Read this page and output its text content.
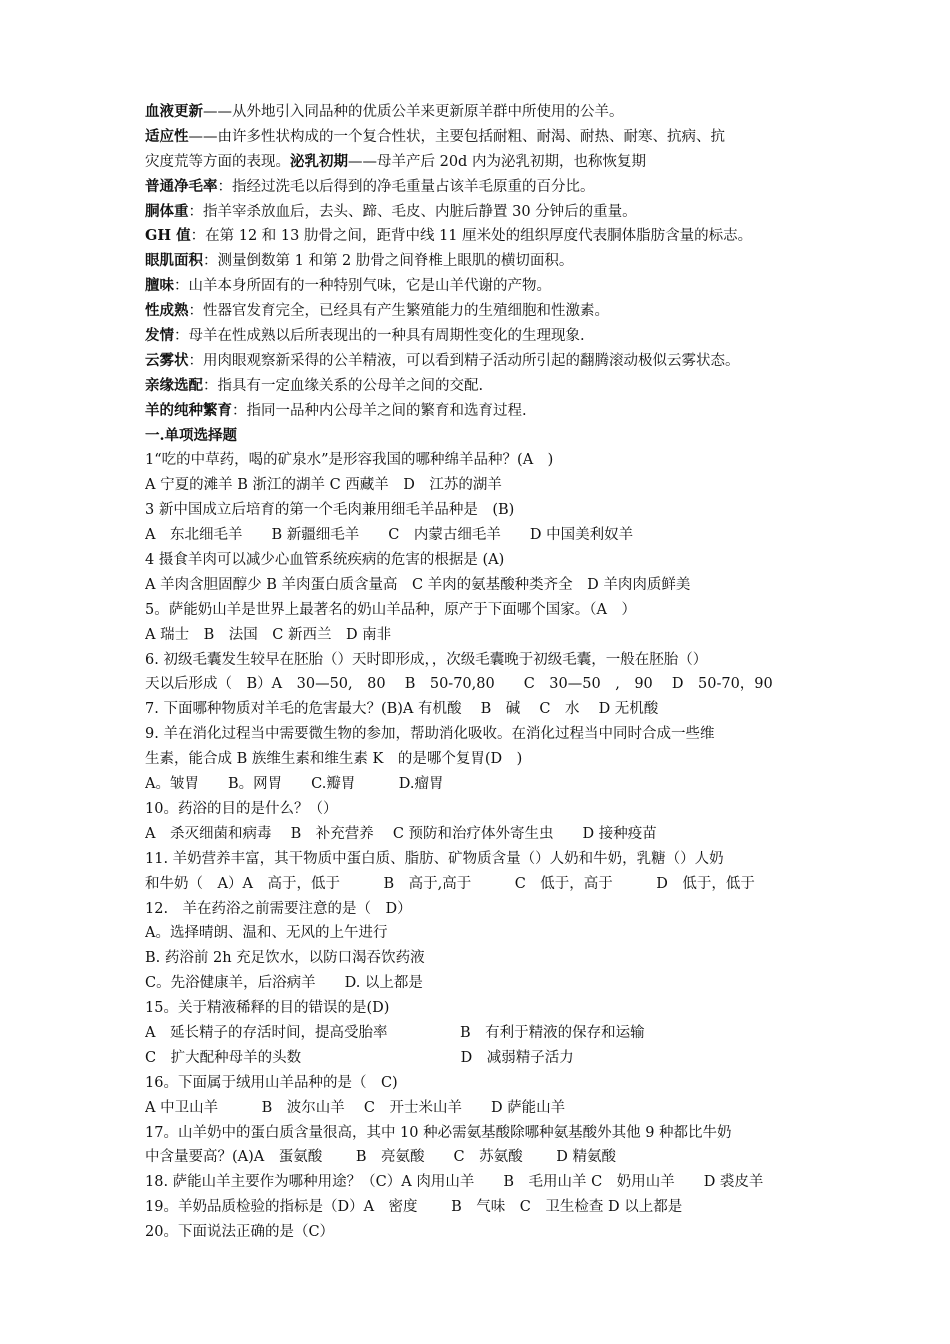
血液更新——从外地引入同品种的优质公羊来更新原羊群中所使用的公羊。
适应性——由许多性状构成的一个复合性状，主要包括耐粗、耐渴、耐热、耐寒、抗病、抗
灾度荒等方面的表现。泌乳初期——母羊产后 20d 内为泌乳初期，也称恢复期
普通净毛率：指经过洗毛以后得到的净毛重量占该羊毛原重的百分比。
胴体重：指羊宰杀放血后，去头、蹄、毛皮、内脏后静置 30 分钟后的重量。
GH 值：在第 12 和 13 肋骨之间，距背中线 11 厘米处的组织厚度代表胴体脂肪含量的标志。
眼肌面积：测量倒数第 1 和第 2 肋骨之间脊椎上眼肌的横切面积。
膻味：山羊本身所固有的一种特别气味，它是山羊代谢的产物。
性成熟：性器官发育完全，已经具有产生繁殖能力的生殖细胞和性激素。
发情：母羊在性成熟以后所表现出的一种具有周期性变化的生理现象.
云雾状：用肉眼观察新采得的公羊精液，可以看到精子活动所引起的翻腾滚动极似云雾状态。
亲缘选配：指具有一定血缘关系的公母羊之间的交配.
羊的纯种繁育：指同一品种内公母羊之间的繁育和选育过程.
一.单项选择题
1“吃的中草药，喝的矿泉水”是形容我国的哪种绵羊品种？(A　)
A 宁夏的滩羊 B 浙江的湖羊 C 西藏羊　D　江苏的湖羊
3 新中国成立后培育的第一个毛肉兼用细毛羊品种是　(B)
A　东北细毛羊　　B 新疆细毛羊　　C　内蒙古细毛羊　　D 中国美利奴羊
4 摄食羊肉可以减少心血管系统疾病的危害的根据是 (A)
A 羊肉含胆固醇少 B 羊肉蛋白质含量高　C 羊肉的氨基酸种类齐全　D 羊肉肉质鲜美
5。萨能奶山羊是世界上最著名的奶山羊品种，原产于下面哪个国家。（A　）
A 瑞士　B　法国　C 新西兰　D 南非
6. 初级毛囊发生较早在胚胎（）天时即形成，，次级毛囊晚于初级毛囊，一般在胚胎（）
天以后形成（　B）A　30—50,　80　 B　50-70,80　　C　30—50　,　90　 D　50-70，90
7. 下面哪种物质对羊毛的危害最大？(B)A 有机酸　 B　碱　 C　水　 D 无机酸
9. 羊在消化过程当中需要微生物的参加，帮助消化吸收。在消化过程当中同时合成一些维
生素，能合成 B 族维生素和维生素 K　的是哪个复胃(D　)
A。皱胃　　B。网胃　　C.瓣胃　　　D.瘤胃
10。药浴的目的是什么？（）
A　杀灭细菌和病毒　 B　补充营养　 C 预防和治疗体外寄生虫　　D 接种疫苗
11. 羊奶营养丰富，其干物质中蛋白质、脂肪、矿物质含量（）人奶和牛奶，乳糖（）人奶
和牛奶（　A）A　高于，低于　　　B　高于,高于　　　C　低于，高于　　　D　低于，低于
12.　羊在药浴之前需要注意的是（　D）
A。选择晴朗、温和、无风的上午进行
B. 药浴前 2h 充足饮水，以防口渴吞饮药液
C。先浴健康羊，后浴病羊　　D. 以上都是
15。关于精液稀释的目的错误的是(D)
A　延长精子的存活时间，提高受胎率　　　　　B　有利于精液的保存和运输
C　扩大配种母羊的头数　　　　　　　　　　　D　减弱精子活力
16。下面属于绒用山羊品种的是（　C)
A 中卫山羊　　　B　波尔山羊　 C　开士米山羊　　D 萨能山羊
17。山羊奶中的蛋白质含量很高，其中 10 种必需氨基酸除哪种氨基酸外其他 9 种都比牛奶
中含量要高？(A)A　蛋氨酸　　 B　亮氨酸　　C　苏氨酸　　 D 精氨酸
18. 萨能山羊主要作为哪种用途？（C）A 肉用山羊　　B　毛用山羊 C　奶用山羊　　D 裘皮羊
19。羊奶品质检验的指标是（D）A　密度　　 B　气味　C　卫生检查 D 以上都是
20。下面说法正确的是（C）
